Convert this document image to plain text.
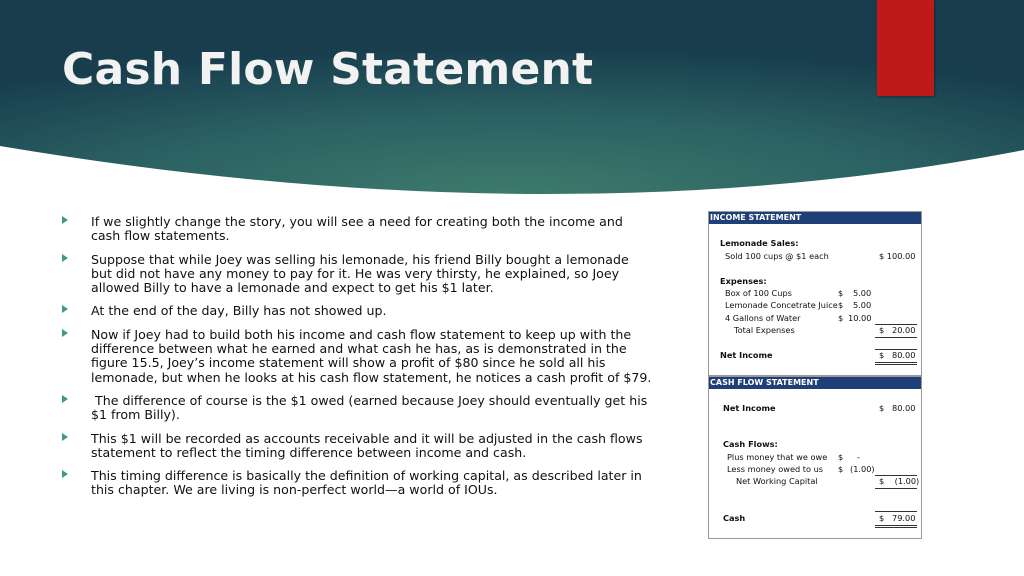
Cash Flow Statement
If we slightly change the story, you will see a need for creating both the income and cash flow statements.
Suppose that while Joey was selling his lemonade, his friend Billy bought a lemonade but did not have any money to pay for it. He was very thirsty, he explained, so Joey allowed Billy to have a lemonade and expect to get his $1 later.
At the end of the day, Billy has not showed up.
Now if Joey had to build both his income and cash flow statement to keep up with the difference between what he earned and what cash he has, as is demonstrated in the figure 15.5, Joey’s income statement will show a profit of $80 since he sold all his lemonade, but when he looks at his cash flow statement, he notices a cash profit of $79.
The difference of course is the $1 owed (earned because Joey should eventually get his $1 from Billy).
This $1 will be recorded as accounts receivable and it will be adjusted in the cash flows statement to reflect the timing difference between income and cash.
This timing difference is basically the definition of working capital, as described later in this chapter. We are living is non-perfect world—a world of IOUs.
INCOME STATEMENT
Lemonade Sales:
Sold 100 cups @ $1 each	$ 100.00
Expenses:
Box of 100 Cups	$ 5.00
Lemonade Concetrate Juice $ 5.00
4 Gallons of Water	$ 10.00
Total Expenses	$   20.00
Net Income	$   80.00
CASH FLOW STATEMENT
Net Income	$   80.00
Cash Flows:
Plus money that we owe $ -
Less money owed to us $ (1.00)
Net Working Capital	$    (1.00)
Cash	$   79.00
